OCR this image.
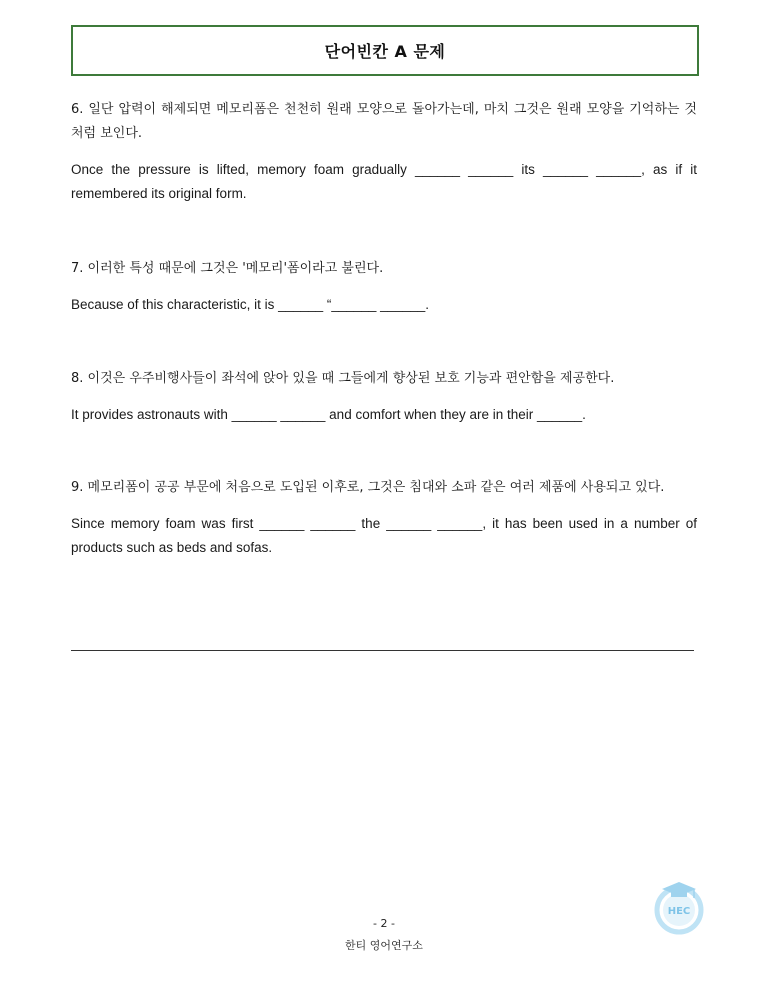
단어빈칸 A 문제
6. 일단 압력이 해제되면 메모리폼은 천천히 원래 모양으로 돌아가는데, 마치 그것은 원래 모양을 기억하는 것처럼 보인다.
Once the pressure is lifted, memory foam gradually ______ ______ its ______ ______, as if it remembered its original form.
7. 이러한 특성 때문에 그것은 '메모리'폼이라고 불린다.
Because of this characteristic, it is ______ “______ ______.
8. 이것은 우주비행사들이 좌석에 앉아 있을 때 그들에게 향상된 보호 기능과 편안함을 제공한다.
It provides astronauts with ______ ______ and comfort when they are in their ______.
9. 메모리폼이 공공 부문에 처음으로 도입된 이후로, 그것은 침대와 소파 같은 여러 제품에 사용되고 있다.
Since memory foam was first ______ ______ the ______ ______, it has been used in a number of products such as beds and sofas.
HEC
- 2 -
한티 영어연구소
